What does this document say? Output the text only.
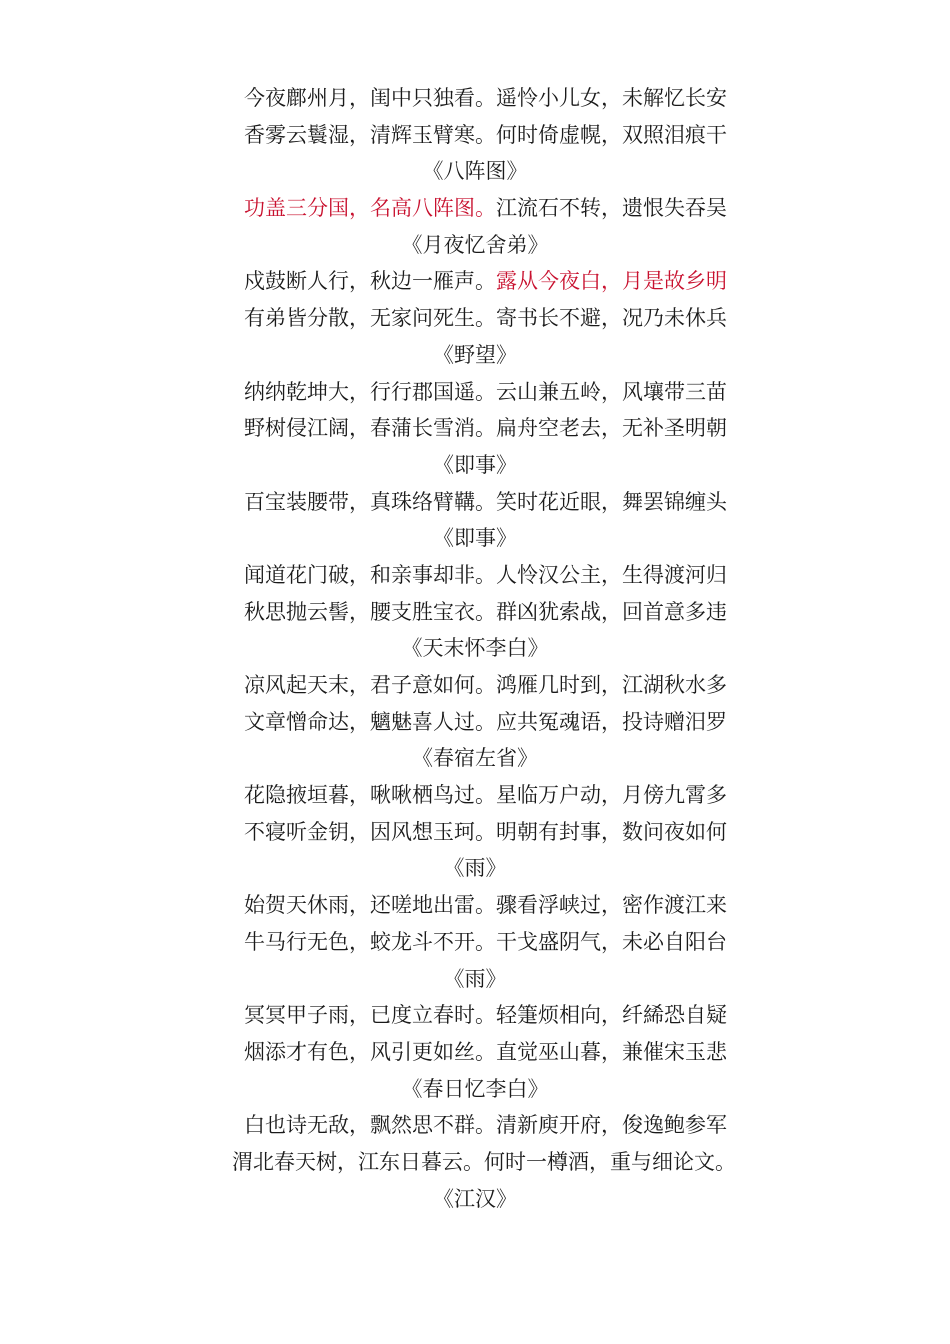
今夜鄜州月，闺中只独看。遥怜小儿女，未解忆长安
香雾云鬟湿，清辉玉臂寒。何时倚虚幌，双照泪痕干
《八阵图》
功盖三分国，名高八阵图。江流石不转，遗恨失吞吴
《月夜忆舍弟》
戍鼓断人行，秋边一雁声。露从今夜白，月是故乡明
有弟皆分散，无家问死生。寄书长不避，况乃未休兵
《野望》
纳纳乾坤大，行行郡国遥。云山兼五岭，风壤带三苗
野树侵江阔，春蒲长雪消。扁舟空老去，无补圣明朝
《即事》
百宝装腰带，真珠络臂鞲。笑时花近眼，舞罢锦缠头
《即事》
闻道花门破，和亲事却非。人怜汉公主，生得渡河归
秋思抛云髻，腰支胜宝衣。群凶犹索战，回首意多违
《天末怀李白》
凉风起天末，君子意如何。鸿雁几时到，江湖秋水多
文章憎命达，魑魅喜人过。应共冤魂语，投诗赠汨罗
《春宿左省》
花隐掖垣暮，啾啾栖鸟过。星临万户动，月傍九霄多
不寝听金钥，因风想玉珂。明朝有封事，数问夜如何
《雨》
始贺天休雨，还嗟地出雷。骤看浮峡过，密作渡江来
牛马行无色，蛟龙斗不开。干戈盛阴气，未必自阳台
《雨》
冥冥甲子雨，已度立春时。轻箑烦相向，纤絺恐自疑
烟添才有色，风引更如丝。直觉巫山暮，兼催宋玉悲
《春日忆李白》
白也诗无敌，飘然思不群。清新庾开府，俊逸鲍参军
渭北春天树，江东日暮云。何时一樽酒，重与细论文。
《江汉》
